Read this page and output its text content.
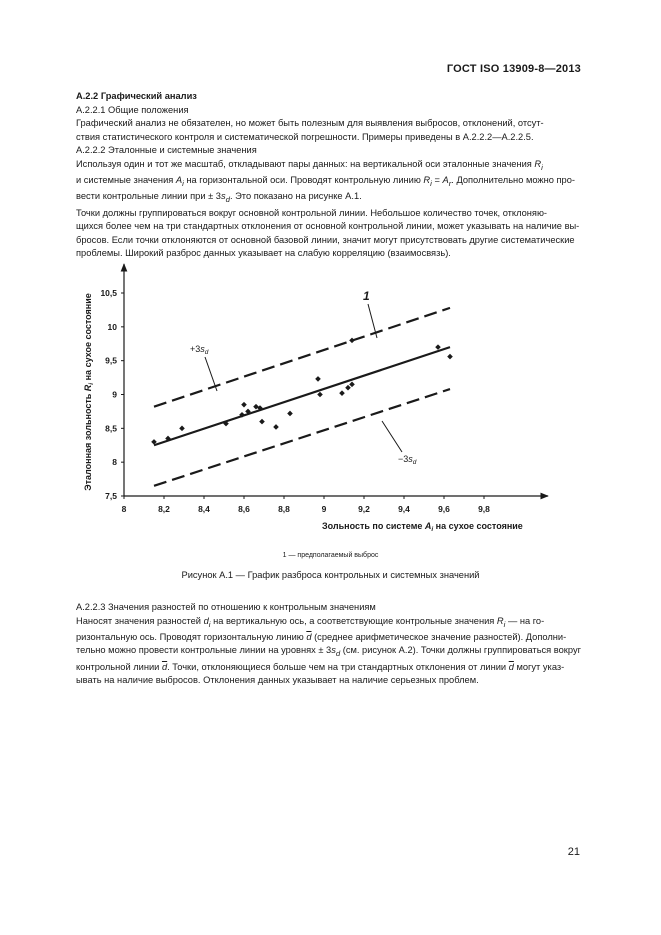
ГОСТ ISO 13909-8—2013

А.2.2 Графический анализ

А.2.2.1 Общие положения

Графический анализ не обязателен, но может быть полезным для выявления выбросов, отклонений, отсут-

ствия статистического контроля и систематической погрешности. Примеры приведены в А.2.2.2—А.2.2.5.

А.2.2.2 Эталонные и системные значения

Используя один и тот же масштаб, откладывают пары данных: на вертикальной оси эталонные значения $R_i$

и системные значения $A_i$ на горизонтальной оси. Проводят контрольную линию $R_i = A_r$. Дополнительно можно про-

вести контрольные линии при ± $3s_d$. Это показано на рисунке А.1.

Точки должны группироваться вокруг основной контрольной линии. Небольшое количество точек, отклоняю-

щихся более чем на три стандартных отклонения от основной контрольной линии, может указывать на наличие вы-

бросов. Если точки отклоняются от основной базовой линии, значит могут присутствовать другие систематические

проблемы. Широкий разброс данных указывает на слабую корреляцию (взаимосвязь).

8	8,2	8,4	8,6	8,8	9	9,2	9,4	9,6	9,8
7,5
8
8,5
9
9,5
10
10,5
$+3s_d$
$-3s_d$
1
Зольность по системе $A_i$ на сухое состояние
Эталонная зольность $R_i$ на сухое состояние
1 — предполагаемый выброс
Рисунок А.1 — График разброса контрольных и системных значений

А.2.2.3 Значения разностей по отношению к контрольным значениям

Наносят значения разностей $d_i$ на вертикальную ось, а соответствующие контрольные значения $R_i$ — на го-

ризонтальную ось. Проводят горизонтальную линию $\overline{d}$ (среднее арифметическое значение разностей). Дополни-

тельно можно провести контрольные линии на уровнях ± $3s_d$ (см. рисунок А.2). Точки должны группироваться вокруг

контрольной линии $\overline{d}$. Точки, отклоняющиеся больше чем на три стандартных отклонения от линии $\overline{d}$ могут указ-

ывать на наличие выбросов. Отклонения данных указывает на наличие серьезных проблем.

21
